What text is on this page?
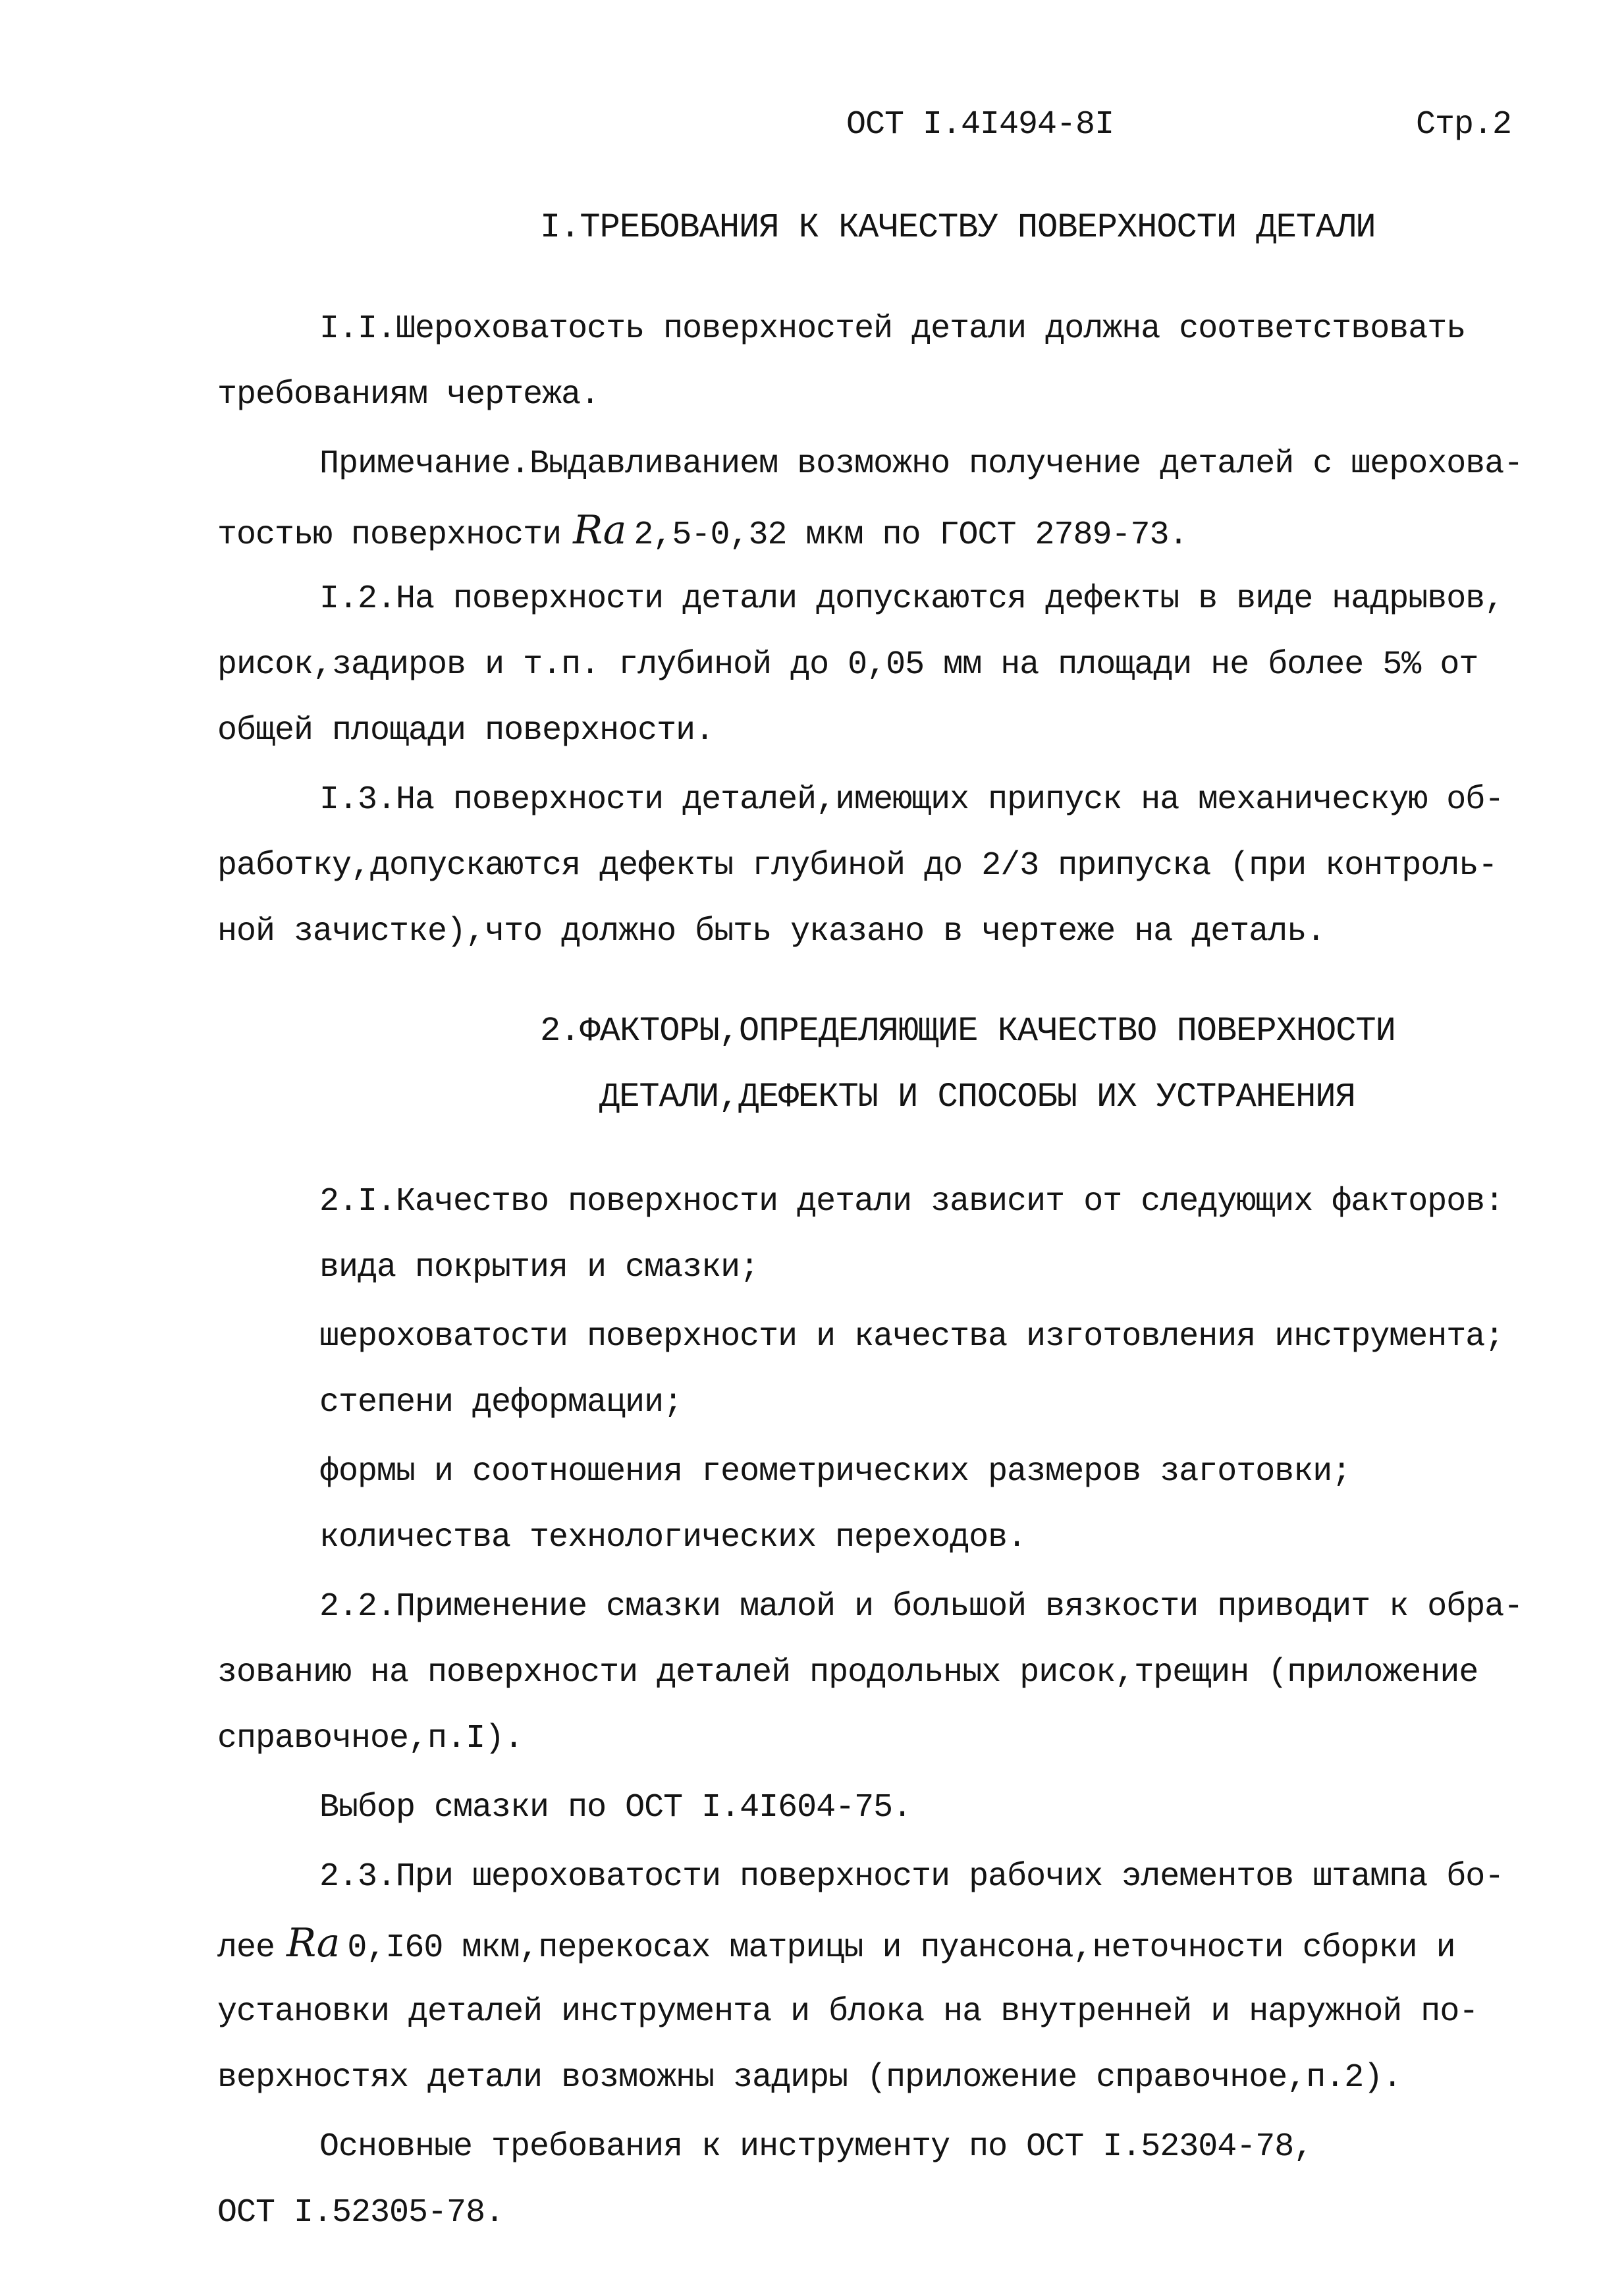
ОСТ I.4I494-8I	Стр.2
I.ТРЕБОВАНИЯ К КАЧЕСТВУ ПОВЕРХНОСТИ ДЕТАЛИ
I.I.Шероховатость поверхностей детали должна соответствовать
требованиям чертежа.
Примечание.Выдавливанием возможно получение деталей с шерохова-
тостью поверхности Ra 2,5-0,32 мкм по ГОСТ 2789-73.
I.2.На поверхности детали допускаются дефекты в виде надрывов,
рисок,задиров и т.п. глубиной до 0,05 мм на площади не более 5% от
общей площади поверхности.
I.3.На поверхности деталей,имеющих припуск на механическую об-
работку,допускаются дефекты глубиной до 2/3 припуска (при контроль-
ной зачистке),что должно быть указано в чертеже на деталь.
2.ФАКТОРЫ,ОПРЕДЕЛЯЮЩИЕ КАЧЕСТВО ПОВЕРХНОСТИ
ДЕТАЛИ,ДЕФЕКТЫ И СПОСОБЫ ИХ УСТРАНЕНИЯ
2.I.Качество поверхности детали зависит от следующих факторов:
вида покрытия и смазки;
шероховатости поверхности и качества изготовления инструмента;
степени деформации;
формы и соотношения геометрических размеров заготовки;
количества технологических переходов.
2.2.Применение смазки малой и большой вязкости приводит к обра-
зованию на поверхности деталей продольных рисок,трещин (приложение
справочное,п.I).
Выбор смазки по ОСТ I.4I604-75.
2.3.При шероховатости поверхности рабочих элементов штампа бо-
лее Ra 0,I60 мкм,перекосах матрицы и пуансона,неточности сборки и
установки деталей инструмента и блока на внутренней и наружной по-
верхностях детали возможны задиры (приложение справочное,п.2).
Основные требования к инструменту по ОСТ I.52304-78,
ОСТ I.52305-78.
